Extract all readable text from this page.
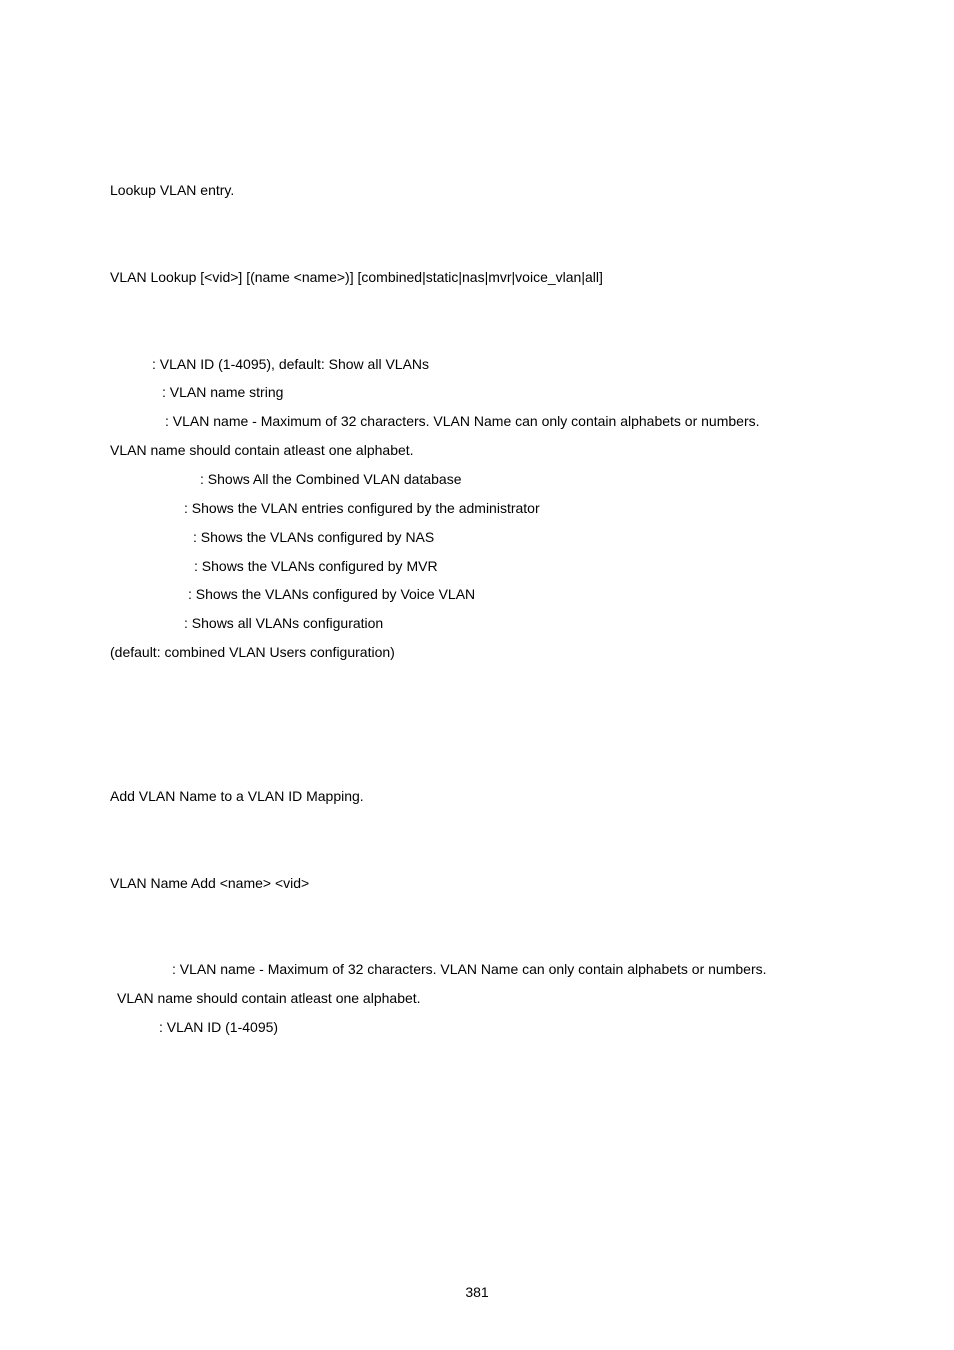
Lookup VLAN entry.
VLAN Lookup [<vid>] [(name <name>)] [combined|static|nas|mvr|voice_vlan|all]
: VLAN ID (1-4095), default: Show all VLANs
: VLAN name string
: VLAN name - Maximum of 32 characters. VLAN Name can only contain alphabets or numbers.
VLAN name should contain atleast one alphabet.
: Shows All the Combined VLAN database
: Shows the VLAN entries configured by the administrator
: Shows the VLANs configured by NAS
: Shows the VLANs configured by MVR
: Shows the VLANs configured by Voice VLAN
: Shows all VLANs configuration
(default: combined VLAN Users configuration)
Add VLAN Name to a VLAN ID Mapping.
VLAN Name Add <name> <vid>
: VLAN name - Maximum of 32 characters. VLAN Name can only contain alphabets or numbers.
VLAN name should contain atleast one alphabet.
: VLAN ID (1-4095)
381
